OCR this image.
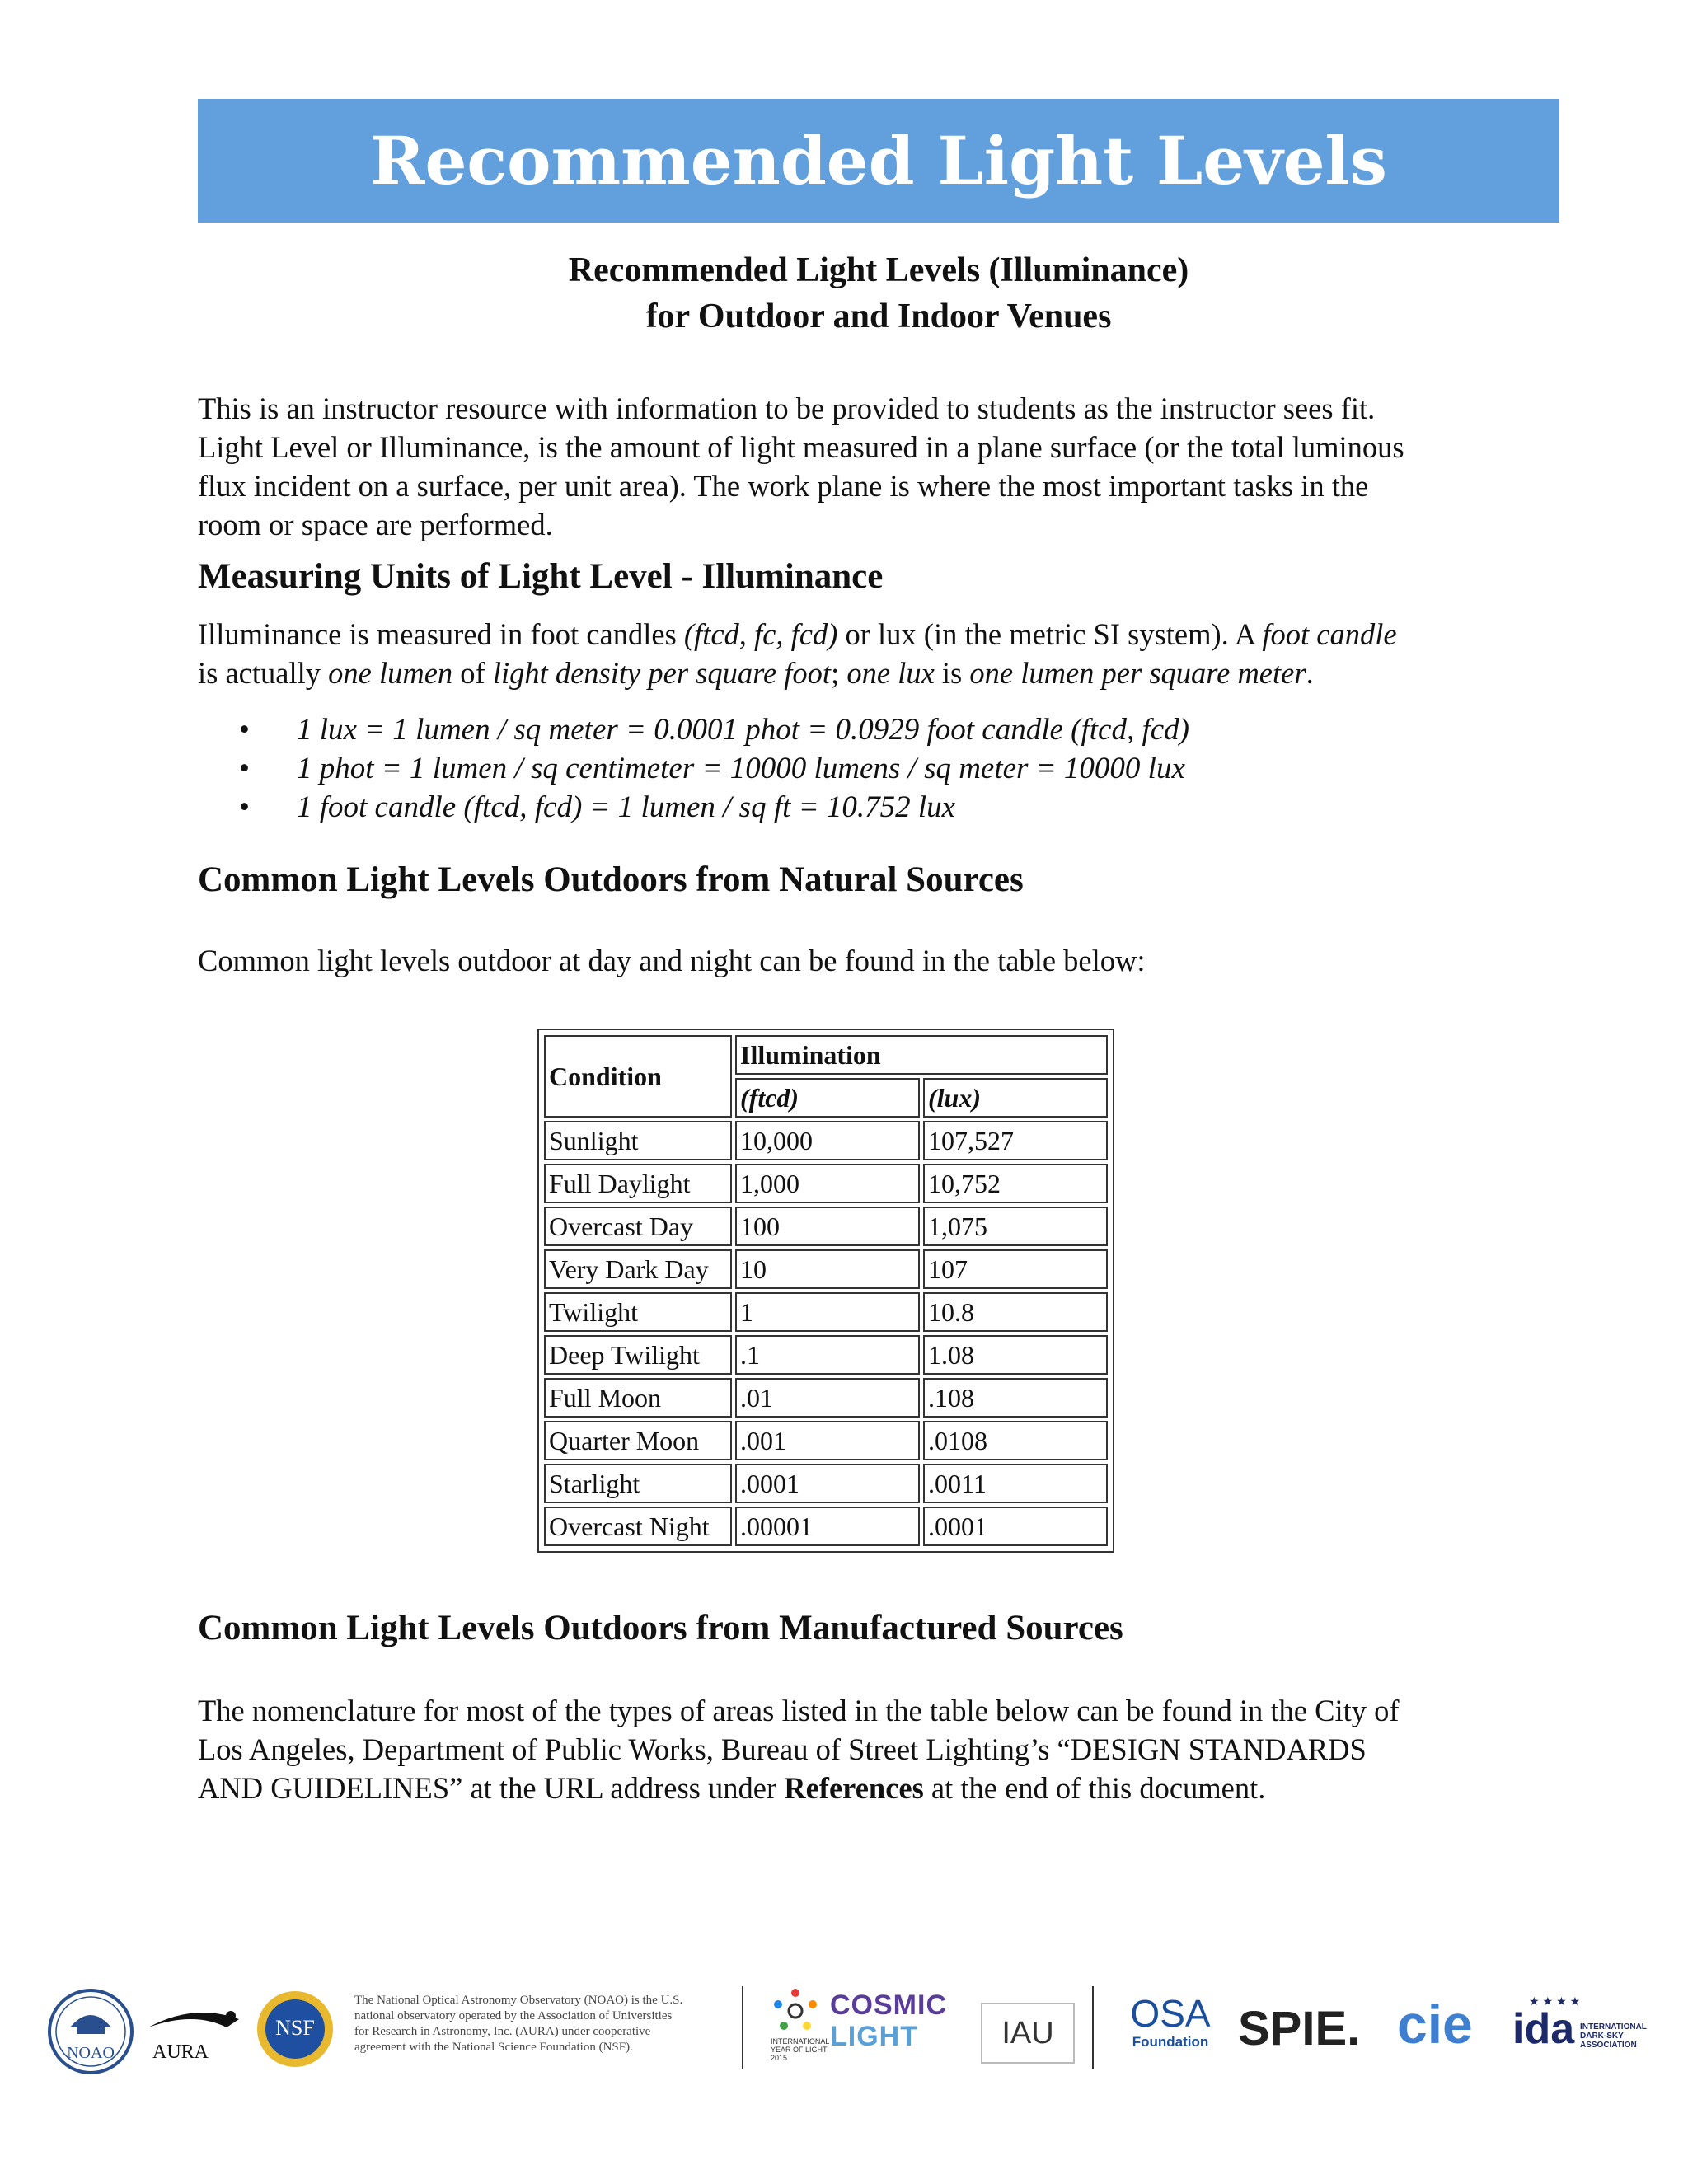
Recommended Light Levels
Recommended Light Levels (Illuminance)
for Outdoor and Indoor Venues
This is an instructor resource with information to be provided to students as the instructor sees fit.
Light Level or Illuminance, is the amount of light measured in a plane surface (or the total luminous
flux incident on a surface, per unit area). The work plane is where the most important tasks in the
room or space are performed.
Measuring Units of Light Level - Illuminance
Illuminance is measured in foot candles (ftcd, fc, fcd) or lux (in the metric SI system). A foot candle
is actually one lumen of light density per square foot; one lux is one lumen per square meter.
• 1 lux = 1 lumen / sq meter = 0.0001 phot = 0.0929 foot candle (ftcd, fcd)
• 1 phot = 1 lumen / sq centimeter = 10000 lumens / sq meter = 10000 lux
• 1 foot candle (ftcd, fcd) = 1 lumen / sq ft = 10.752 lux
Common Light Levels Outdoors from Natural Sources
Common light levels outdoor at day and night can be found in the table below:
Condition	Illumination	
	(ftcd)	(lux)
Sunlight	10,000	107,527
Full Daylight	1,000	10,752
Overcast Day	100	1,075
Very Dark Day	10	107
Twilight	1	10.8
Deep Twilight	.1	1.08
Full Moon	.01	.108
Quarter Moon	.001	.0108
Starlight	.0001	.0011
Overcast Night	.00001	.0001
Common Light Levels Outdoors from Manufactured Sources
The nomenclature for most of the types of areas listed in the table below can be found in the City of
Los Angeles, Department of Public Works, Bureau of Street Lighting’s “DESIGN STANDARDS
AND GUIDELINES” at the URL address under References at the end of this document.
NOAO	AURA
NSF
The National Optical Astronomy Observatory (NOAO) is the U.S.
national observatory operated by the Association of Universities
for Research in Astronomy, Inc. (AURA) under cooperative
agreement with the National Science Foundation (NSF).	INTERNATIONAL
YEAR OF LIGHT
2015
COSMIC
LIGHT	IAU OSA
Foundation SPIE. cie	★★★★
ida INTERNATIONAL
DARK-SKY
ASSOCIATION
